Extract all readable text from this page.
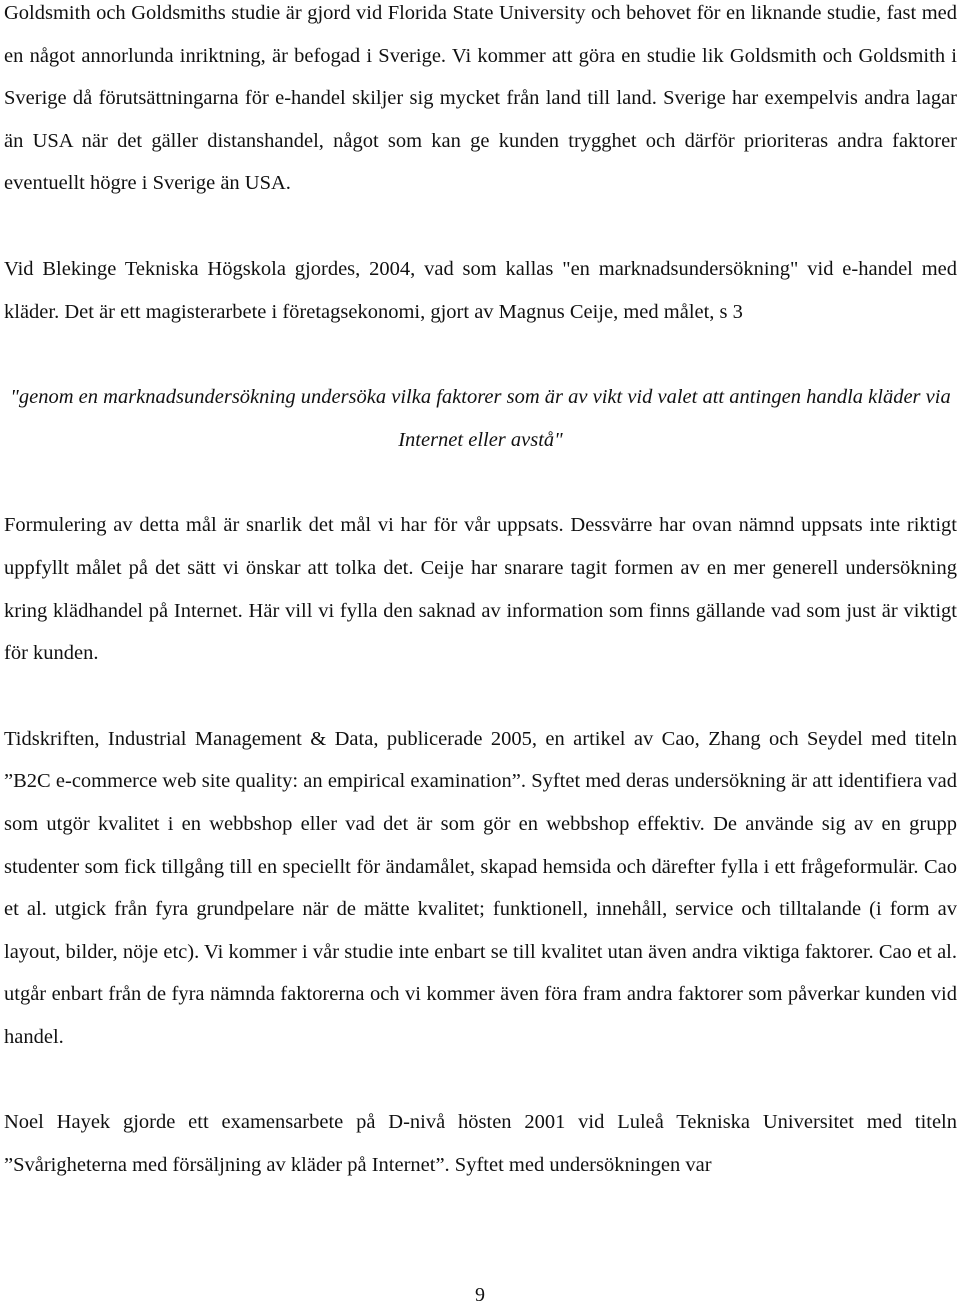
Goldsmith och Goldsmiths studie är gjord vid Florida State University och behovet för en liknande studie, fast med en något annorlunda inriktning, är befogad i Sverige. Vi kommer att göra en studie lik Goldsmith och Goldsmith i Sverige då förutsättningarna för e-handel skiljer sig mycket från land till land. Sverige har exempelvis andra lagar än USA när det gäller distanshandel, något som kan ge kunden trygghet och därför prioriteras andra faktorer eventuellt högre i Sverige än USA.

Vid Blekinge Tekniska Högskola gjordes, 2004, vad som kallas "en marknadsundersökning" vid e-handel med kläder. Det är ett magisterarbete i företagsekonomi, gjort av Magnus Ceije, med målet, s 3

"genom en marknadsundersökning undersöka vilka faktorer som är av vikt vid valet att antingen handla kläder via Internet eller avstå"

Formulering av detta mål är snarlik det mål vi har för vår uppsats. Dessvärre har ovan nämnd uppsats inte riktigt uppfyllt målet på det sätt vi önskar att tolka det. Ceije har snarare tagit formen av en mer generell undersökning kring klädhandel på Internet. Här vill vi fylla den saknad av information som finns gällande vad som just är viktigt för kunden.

Tidskriften, Industrial Management & Data, publicerade 2005, en artikel av Cao, Zhang och Seydel med titeln ”B2C e-commerce web site quality: an empirical examination”. Syftet med deras undersökning är att identifiera vad som utgör kvalitet i en webbshop eller vad det är som gör en webbshop effektiv. De använde sig av en grupp studenter som fick tillgång till en speciellt för ändamålet, skapad hemsida och därefter fylla i ett frågeformulär. Cao et al. utgick från fyra grundpelare när de mätte kvalitet; funktionell, innehåll, service och tilltalande (i form av layout, bilder, nöje etc). Vi kommer i vår studie inte enbart se till kvalitet utan även andra viktiga faktorer. Cao et al. utgår enbart från de fyra nämnda faktorerna och vi kommer även föra fram andra faktorer som påverkar kunden vid handel.

Noel Hayek gjorde ett examensarbete på D-nivå hösten 2001 vid Luleå Tekniska Universitet med titeln ”Svårigheterna med försäljning av kläder på Internet”. Syftet med undersökningen var

9
